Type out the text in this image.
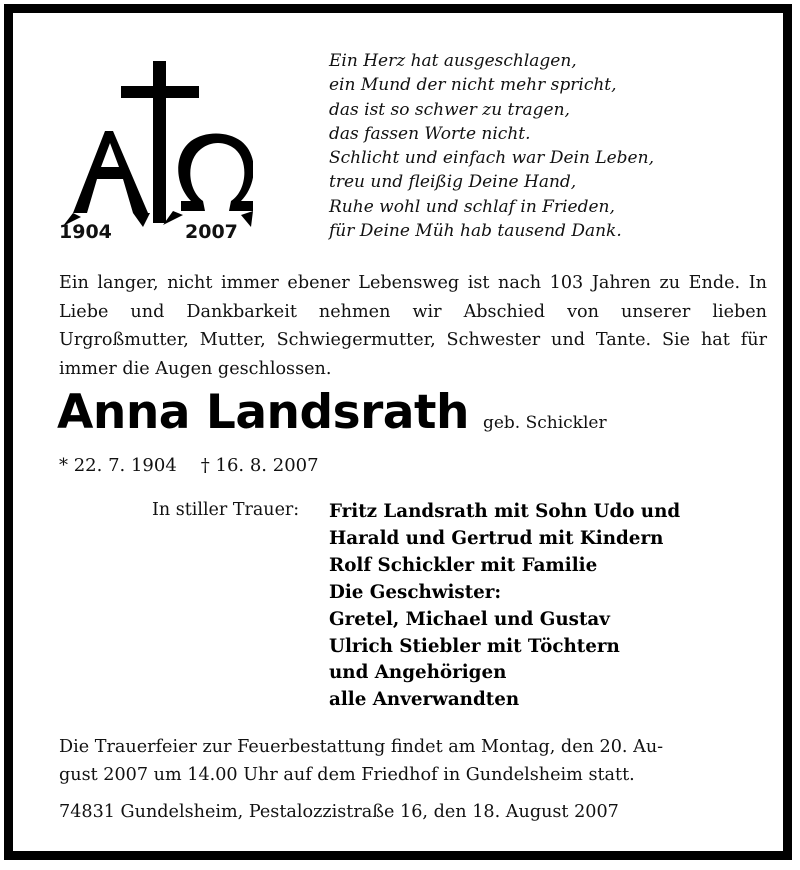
1904	2007
Ein Herz hat ausgeschlagen,
ein Mund der nicht mehr spricht,
das ist so schwer zu tragen,
das fassen Worte nicht.
Schlicht und einfach war Dein Leben,
treu und fleißig Deine Hand,
Ruhe wohl und schlaf in Frieden,
für Deine Müh hab tausend Dank.
Ein langer, nicht immer ebener Lebensweg ist nach 103 Jahren zu Ende. In Liebe und Dankbarkeit nehmen wir Abschied von unserer lieben Urgroßmutter, Mutter, Schwiegermutter, Schwester und Tante. Sie hat für immer die Augen geschlossen.
Anna Landsrath geb. Schickler
* 22. 7. 1904 † 16. 8. 2007
In stiller Trauer: Fritz Landsrath mit Sohn Udo und
Harald und Gertrud mit Kindern
Rolf Schickler mit Familie
Die Geschwister:
Gretel, Michael und Gustav
Ulrich Stiebler mit Töchtern
und Angehörigen
alle Anverwandten
Die Trauerfeier zur Feuerbestattung findet am Montag, den 20. Au-
gust 2007 um 14.00 Uhr auf dem Friedhof in Gundelsheim statt.
74831 Gundelsheim, Pestalozzistraße 16, den 18. August 2007
